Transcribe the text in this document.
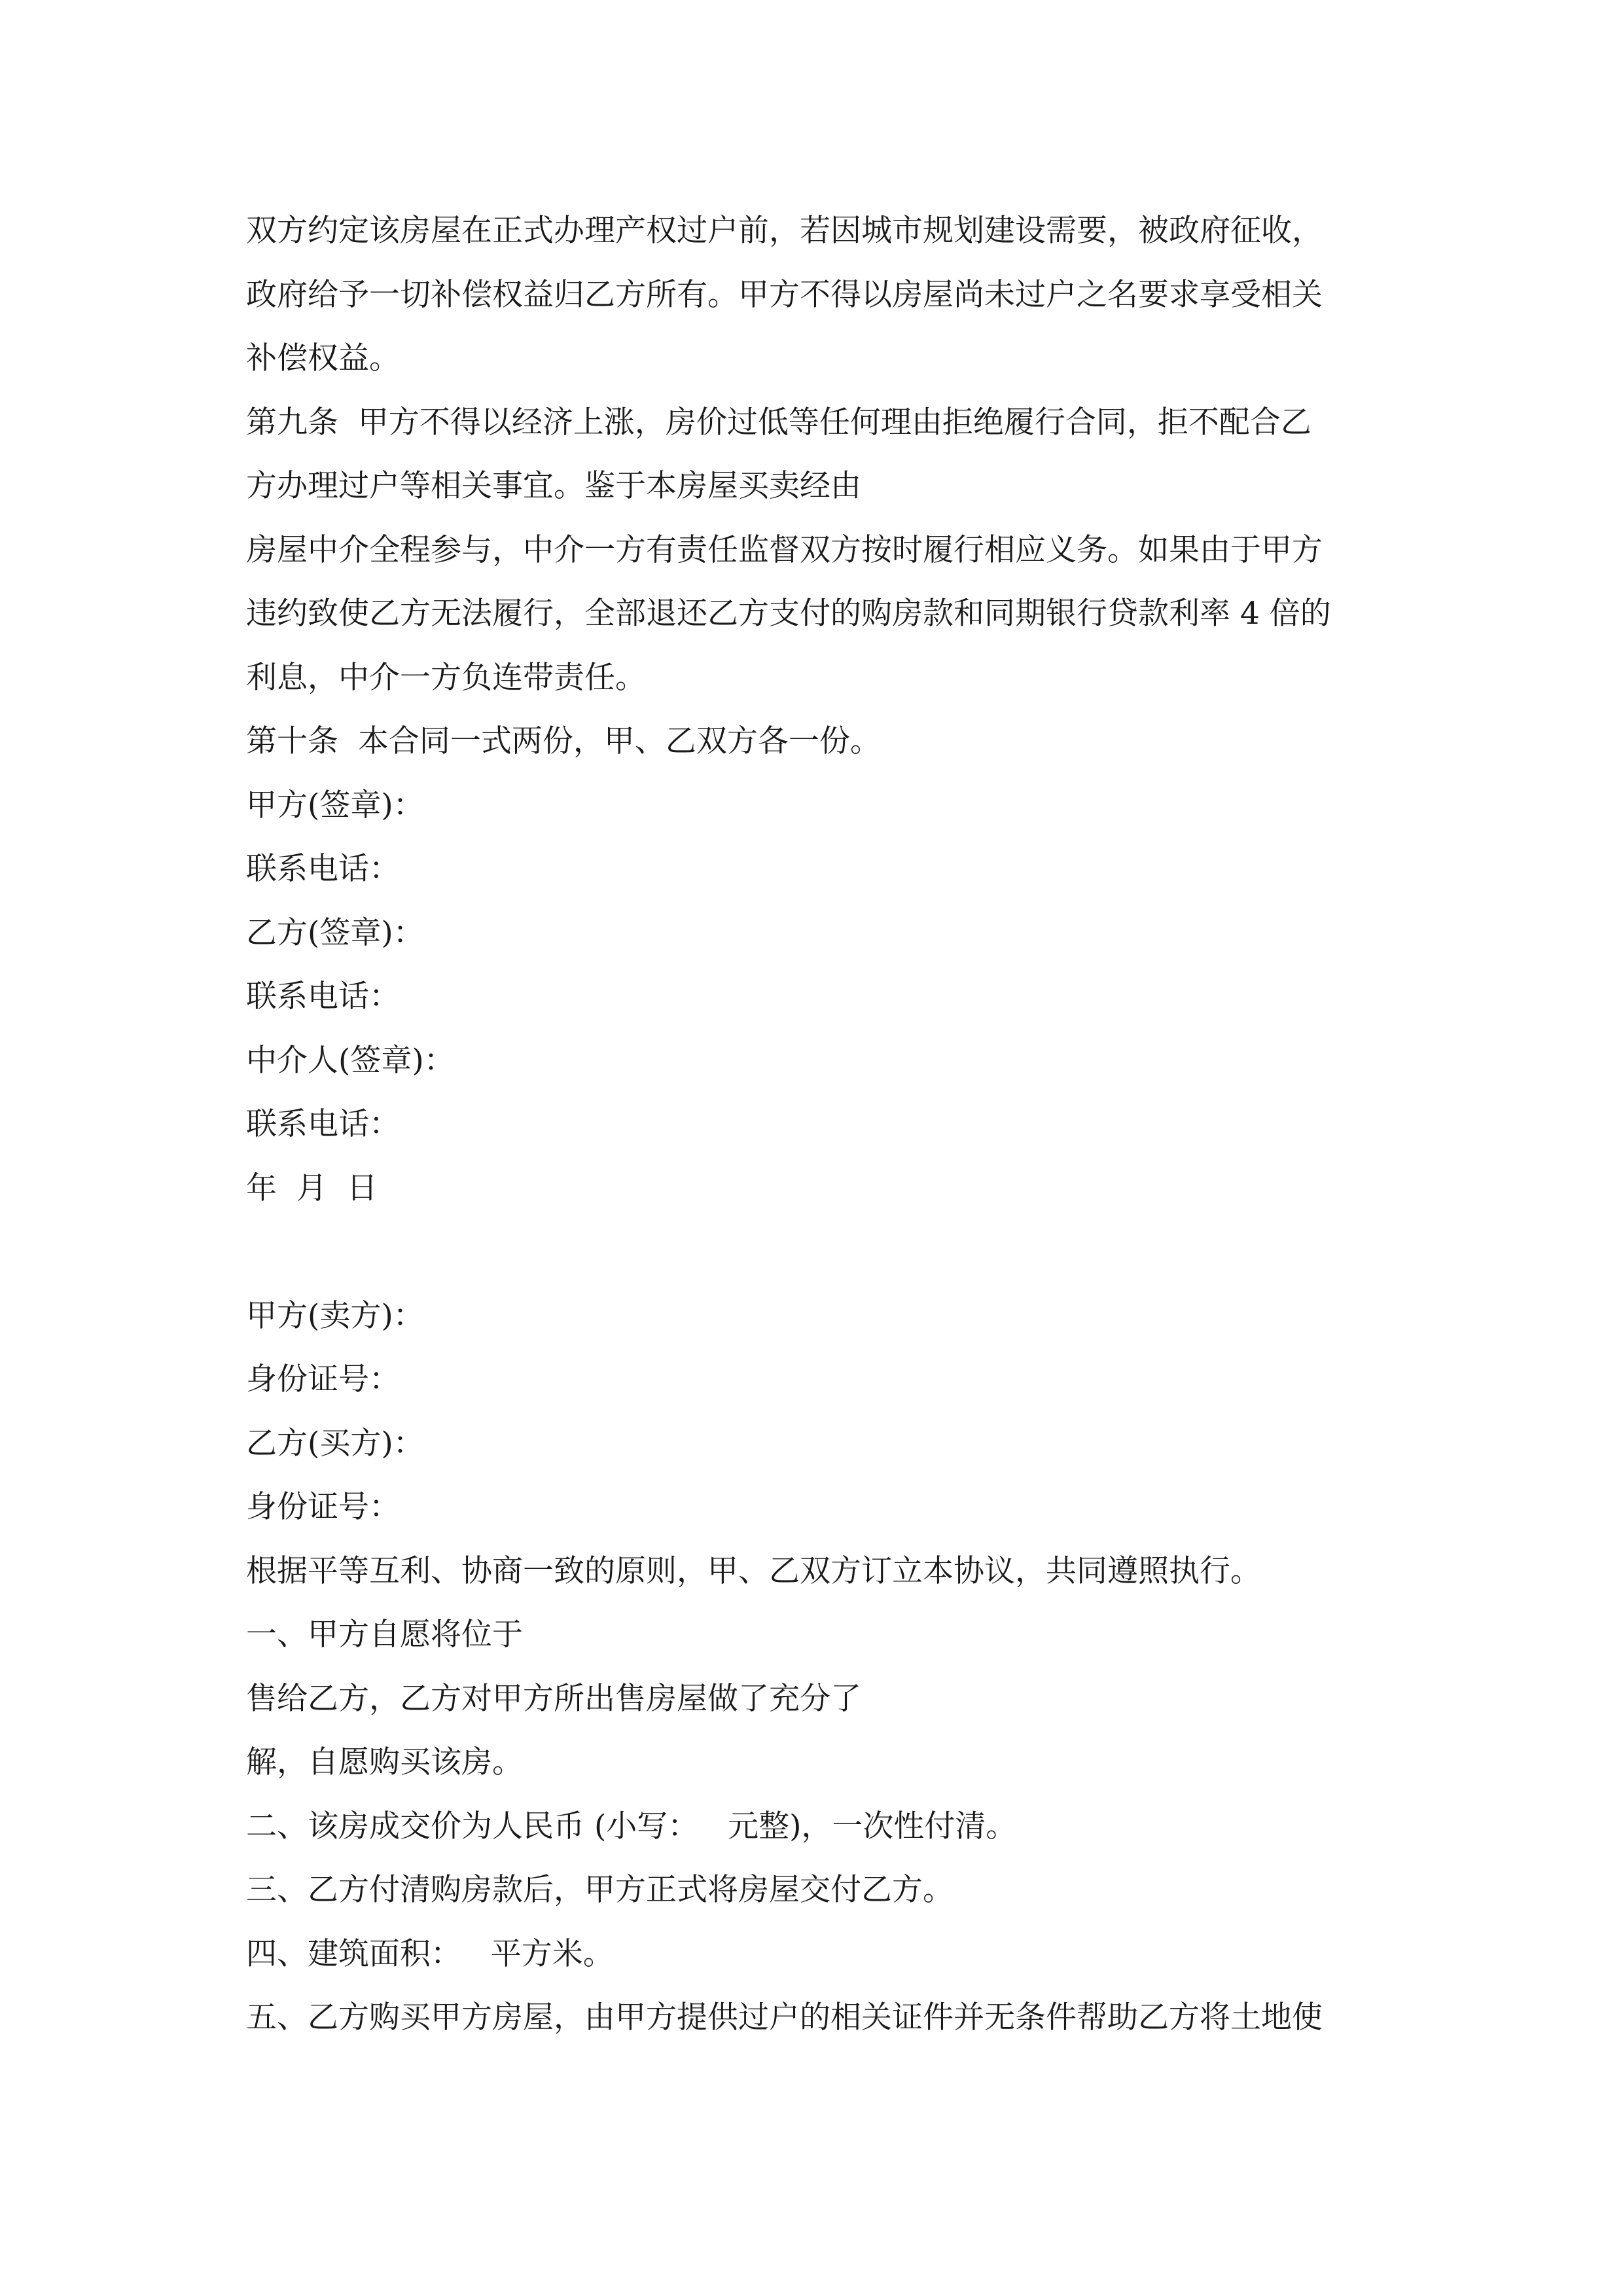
双方约定该房屋在正式办理产权过户前，若因城市规划建设需要，被政府征收，
政府给予一切补偿权益归乙方所有。甲方不得以房屋尚未过户之名要求享受相关
补偿权益。
第九条  甲方不得以经济上涨，房价过低等任何理由拒绝履行合同，拒不配合乙
方办理过户等相关事宜。鉴于本房屋买卖经由
房屋中介全程参与，中介一方有责任监督双方按时履行相应义务。如果由于甲方
违约致使乙方无法履行，全部退还乙方支付的购房款和同期银行贷款利率 4 倍的
利息，中介一方负连带责任。
第十条  本合同一式两份，甲、乙双方各一份。
甲方(签章)：
联系电话：
乙方(签章)：
联系电话：
中介人(签章)：
联系电话：
年  月  日
甲方(卖方)：
身份证号：
乙方(买方)：
身份证号：
根据平等互利、协商一致的原则，甲、乙双方订立本协议，共同遵照执行。
一、甲方自愿将位于
售给乙方，乙方对甲方所出售房屋做了充分了
解，自愿购买该房。
二、该房成交价为人民币 (小写：   元整)，一次性付清。
三、乙方付清购房款后，甲方正式将房屋交付乙方。
四、建筑面积：   平方米。
五、乙方购买甲方房屋，由甲方提供过户的相关证件并无条件帮助乙方将土地使
